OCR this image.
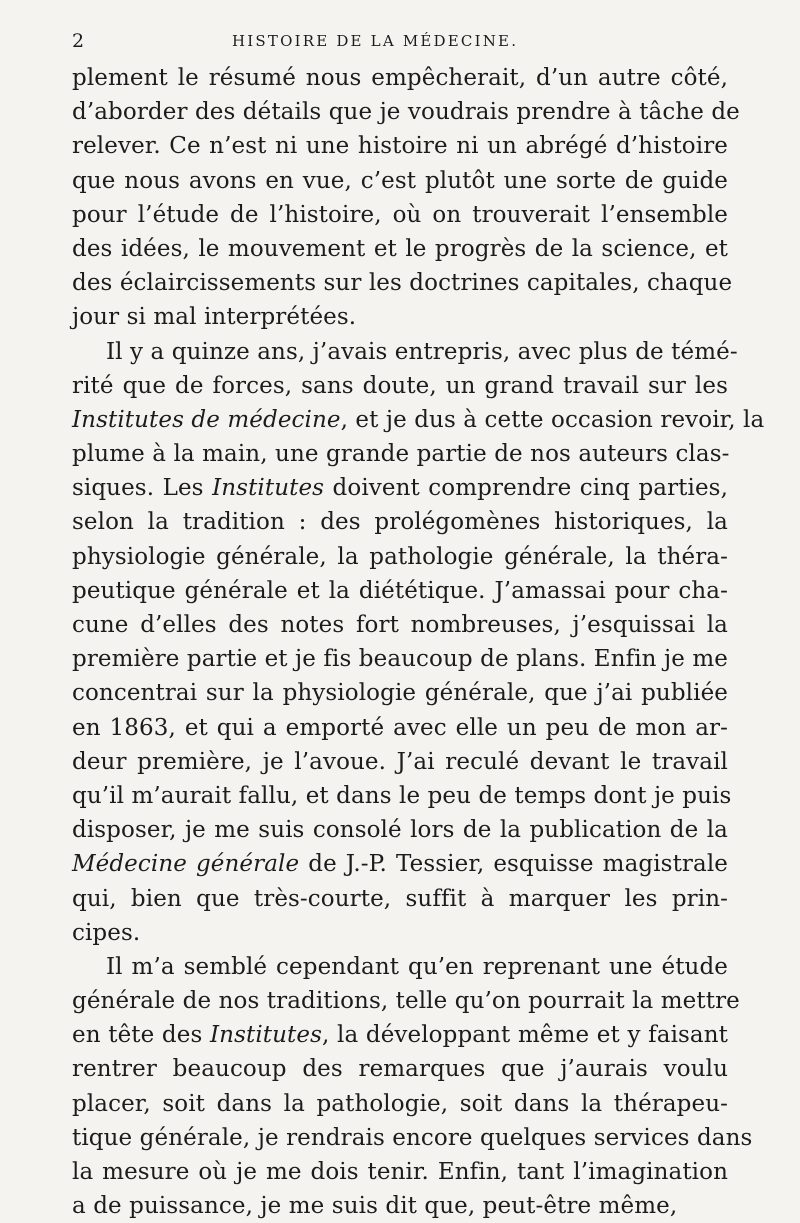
2	HISTOIRE DE LA MÉDECINE.
plement le résumé nous empêcherait, d’un autre côté,
d’aborder des détails que je voudrais prendre à tâche de
relever. Ce n’est ni une histoire ni un abrégé d’histoire
que nous avons en vue, c’est plutôt une sorte de guide
pour l’étude de l’histoire, où on trouverait l’ensemble
des idées, le mouvement et le progrès de la science, et
des éclaircissements sur les doctrines capitales, chaque
jour si mal interprétées.
Il y a quinze ans, j’avais entrepris, avec plus de témé-
rité que de forces, sans doute, un grand travail sur les
Institutes de médecine, et je dus à cette occasion revoir, la
plume à la main, une grande partie de nos auteurs clas-
siques. Les Institutes doivent comprendre cinq parties,
selon la tradition : des prolégomènes historiques, la
physiologie générale, la pathologie générale, la théra-
peutique générale et la diététique. J’amassai pour cha-
cune d’elles des notes fort nombreuses, j’esquissai la
première partie et je fis beaucoup de plans. Enfin je me
concentrai sur la physiologie générale, que j’ai publiée
en 1863, et qui a emporté avec elle un peu de mon ar-
deur première, je l’avoue. J’ai reculé devant le travail
qu’il m’aurait fallu, et dans le peu de temps dont je puis
disposer, je me suis consolé lors de la publication de la
Médecine générale de J.-P. Tessier, esquisse magistrale
qui, bien que très-courte, suffit à marquer les prin-
cipes.
Il m’a semblé cependant qu’en reprenant une étude
générale de nos traditions, telle qu’on pourrait la mettre
en tête des Institutes, la développant même et y faisant
rentrer beaucoup des remarques que j’aurais voulu
placer, soit dans la pathologie, soit dans la thérapeu-
tique générale, je rendrais encore quelques services dans
la mesure où je me dois tenir. Enfin, tant l’imagination
a de puissance, je me suis dit que, peut-être même,
